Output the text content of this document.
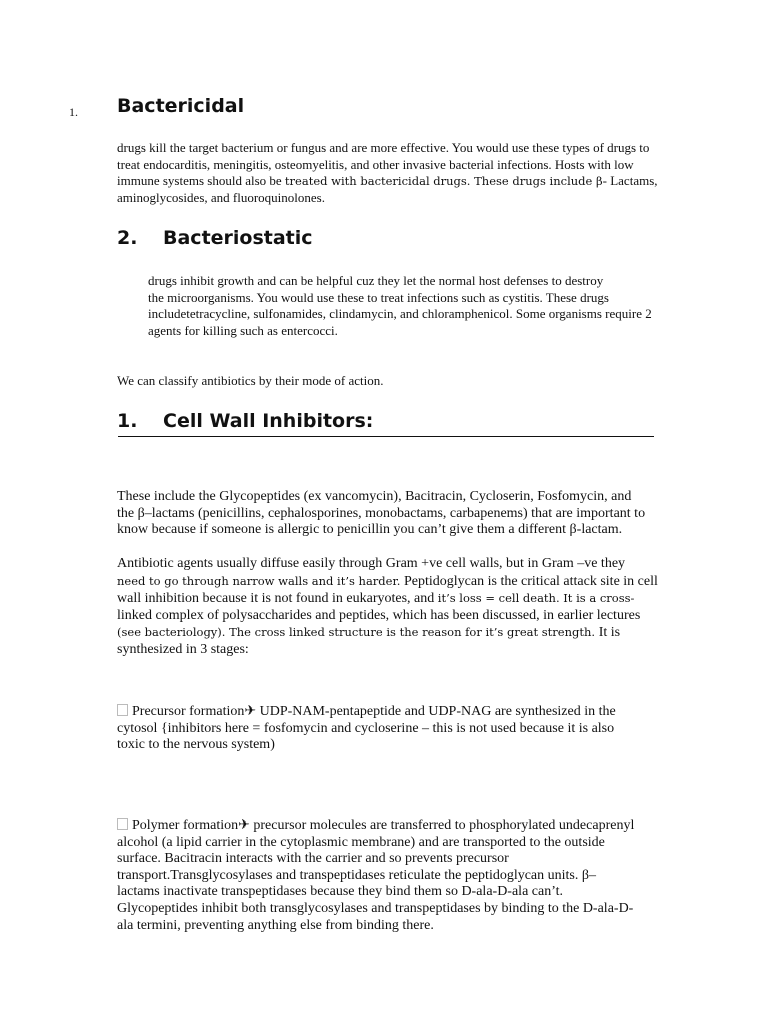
1. Bactericidal
drugs kill the target bacterium or fungus and are more effective. You would use these types of drugs to
treat endocarditis, meningitis, osteomyelitis, and other invasive bacterial infections. Hosts with low
immune systems should also be treated with bactericidal drugs. These drugs include β- Lactams,
aminoglycosides, and fluoroquinolones.
2. Bacteriostatic
drugs inhibit growth and can be helpful cuz they let the normal host defenses to destroy
the microorganisms. You would use these to treat infections such as cystitis. These drugs
includetetracycline, sulfonamides, clindamycin, and chloramphenicol. Some organisms require 2
agents for killing such as entercocci.
We can classify antibiotics by their mode of action.
1. Cell Wall Inhibitors:
These include the Glycopeptides (ex vancomycin), Bacitracin, Cycloserin, Fosfomycin, and
the β–lactams (penicillins, cephalosporines, monobactams, carbapenems) that are important to
know because if someone is allergic to penicillin you can’t give them a different β-lactam.
Antibiotic agents usually diffuse easily through Gram +ve cell walls, but in Gram –ve they
need to go through narrow walls and it’s harder. Peptidoglycan is the critical attack site in cell
wall inhibition because it is not found in eukaryotes, and it’s loss = cell death. It is a cross-
linked complex of polysaccharides and peptides, which has been discussed, in earlier lectures
(see bacteriology). The cross linked structure is the reason for it’s great strength. It is
synthesized in 3 stages:
Precursor formation✈ UDP-NAM-pentapeptide and UDP-NAG are synthesized in the
cytosol {inhibitors here = fosfomycin and cycloserine – this is not used because it is also
toxic to the nervous system)
Polymer formation✈ precursor molecules are transferred to phosphorylated undecaprenyl
alcohol (a lipid carrier in the cytoplasmic membrane) and are transported to the outside
surface. Bacitracin interacts with the carrier and so prevents precursor
transport.Transglycosylases and transpeptidases reticulate the peptidoglycan units. β–
lactams inactivate transpeptidases because they bind them so D-ala-D-ala can’t.
Glycopeptides inhibit both transglycosylases and transpeptidases by binding to the D-ala-D-
ala termini, preventing anything else from binding there.
